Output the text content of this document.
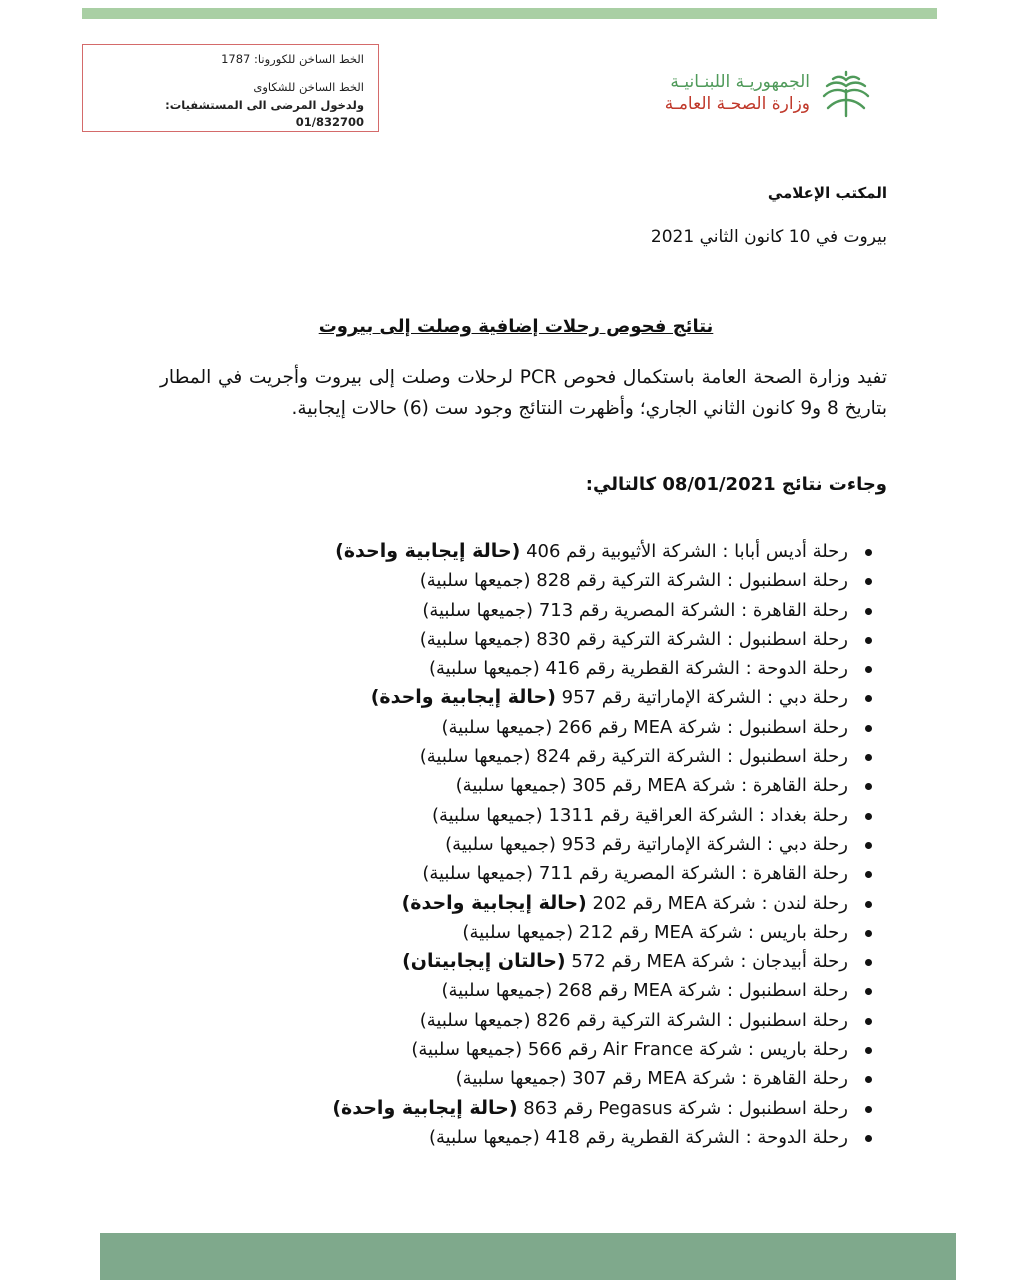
الخط الساخن للكورونا: 1787
الخط الساخن للشكاوى
ولدخول المرضى الى المستشفيات: 01/832700
الجمهوريـة اللبنـانيـة
وزارة الصحـة العامـة
المكتب الإعلامي
بيروت في 10 كانون الثاني 2021
نتائج فحوص رحلات إضافية وصلت إلى بيروت
تفيد وزارة الصحة العامة باستكمال فحوص PCR لرحلات وصلت إلى بيروت وأجريت في المطار بتاريخ 8 و9 كانون الثاني الجاري؛ وأظهرت النتائج وجود ست (6) حالات إيجابية.
وجاءت نتائج 08/01/2021 كالتالي:
رحلة أديس أبابا : الشركة الأثيوبية رقم 406 (حالة إيجابية واحدة)
رحلة اسطنبول : الشركة التركية رقم 828 (جميعها سلبية)
رحلة القاهرة : الشركة المصرية رقم 713 (جميعها سلبية)
رحلة اسطنبول : الشركة التركية رقم 830 (جميعها سلبية)
رحلة الدوحة : الشركة القطرية رقم 416 (جميعها سلبية)
رحلة دبي : الشركة الإماراتية رقم 957 (حالة إيجابية واحدة)
رحلة اسطنبول : شركة MEA رقم 266 (جميعها سلبية)
رحلة اسطنبول : الشركة التركية رقم 824 (جميعها سلبية)
رحلة القاهرة : شركة MEA رقم 305 (جميعها سلبية)
رحلة بغداد : الشركة العراقية رقم 1311 (جميعها سلبية)
رحلة دبي : الشركة الإماراتية رقم 953 (جميعها سلبية)
رحلة القاهرة : الشركة المصرية رقم 711 (جميعها سلبية)
رحلة لندن : شركة MEA رقم 202 (حالة إيجابية واحدة)
رحلة باريس : شركة MEA رقم 212 (جميعها سلبية)
رحلة أبيدجان : شركة MEA رقم 572 (حالتان إيجابيتان)
رحلة اسطنبول : شركة MEA رقم 268 (جميعها سلبية)
رحلة اسطنبول : الشركة التركية رقم 826 (جميعها سلبية)
رحلة باريس : شركة Air France رقم 566 (جميعها سلبية)
رحلة القاهرة : شركة MEA رقم 307 (جميعها سلبية)
رحلة اسطنبول : شركة Pegasus رقم 863 (حالة إيجابية واحدة)
رحلة الدوحة : الشركة القطرية رقم 418 (جميعها سلبية)
